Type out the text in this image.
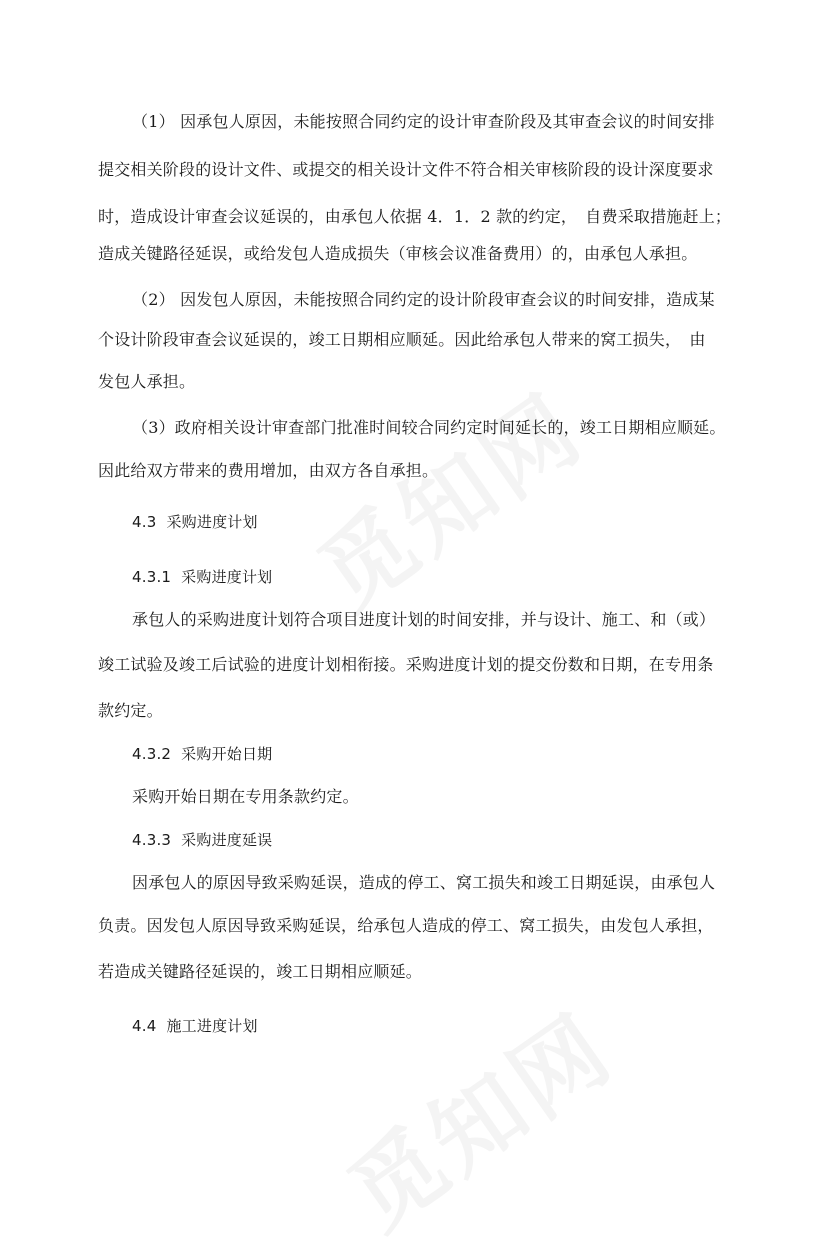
（1） 因承包人原因，未能按照合同约定的设计审查阶段及其审查会议的时间安排
提交相关阶段的设计文件、或提交的相关设计文件不符合相关审核阶段的设计深度要求
时，造成设计审查会议延误的，由承包人依据 4．1．2 款的约定，　自费采取措施赶上；
造成关键路径延误，或给发包人造成损失（审核会议准备费用）的，由承包人承担。
（2） 因发包人原因，未能按照合同约定的设计阶段审查会议的时间安排，造成某
个设计阶段审查会议延误的，竣工日期相应顺延。因此给承包人带来的窝工损失，　由
发包人承担。
（3）政府相关设计审查部门批准时间较合同约定时间延长的，竣工日期相应顺延。
因此给双方带来的费用增加，由双方各自承担。
4.3 采购进度计划
4.3.1 采购进度计划
承包人的采购进度计划符合项目进度计划的时间安排，并与设计、施工、和（或）
竣工试验及竣工后试验的进度计划相衔接。采购进度计划的提交份数和日期，在专用条
款约定。
4.3.2 采购开始日期
采购开始日期在专用条款约定。
4.3.3 采购进度延误
因承包人的原因导致采购延误，造成的停工、窝工损失和竣工日期延误，由承包人
负责。因发包人原因导致采购延误，给承包人造成的停工、窝工损失，由发包人承担，
若造成关键路径延误的，竣工日期相应顺延。
4.4 施工进度计划
